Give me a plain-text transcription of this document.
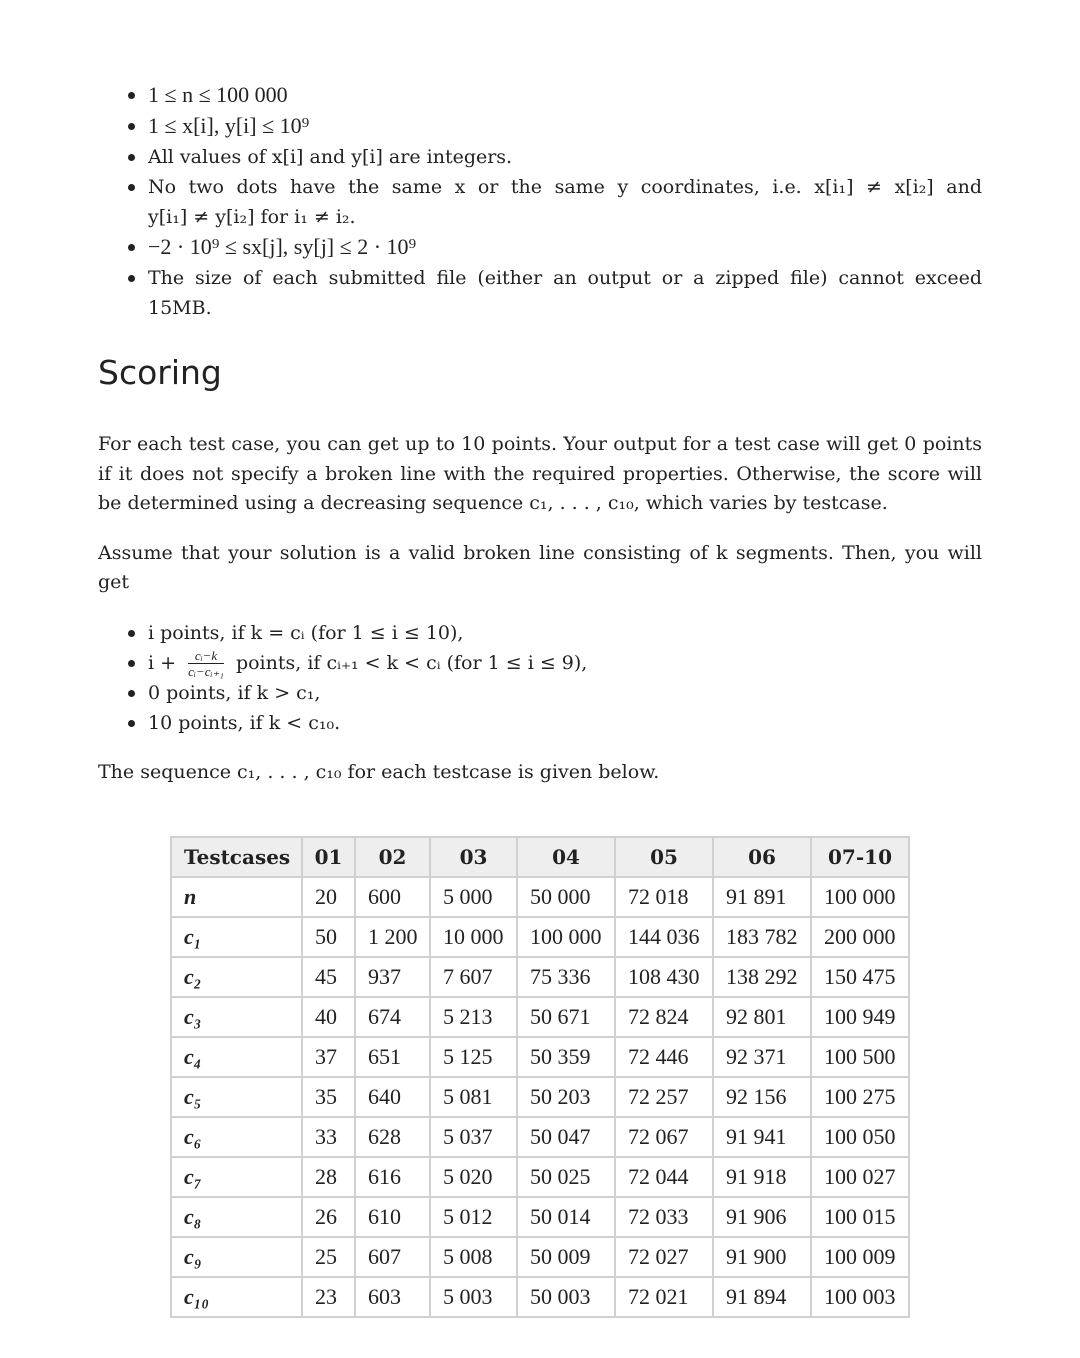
1 ≤ n ≤ 100 000
1 ≤ x[i], y[i] ≤ 10⁹
All values of x[i] and y[i] are integers.
No two dots have the same x or the same y coordinates, i.e. x[i₁] ≠ x[i₂] and
y[i₁] ≠ y[i₂] for i₁ ≠ i₂.
−2 · 10⁹ ≤ sx[j], sy[j] ≤ 2 · 10⁹
The size of each submitted file (either an output or a zipped file) cannot exceed
15MB.
Scoring

For each test case, you can get up to 10 points. Your output for a test case will get 0 points if it does not specify a broken line with the required properties. Otherwise, the score will be determined using a decreasing sequence c₁, . . . , c₁₀, which varies by testcase.

Assume that your solution is a valid broken line consisting of k segments. Then, you will get

i points, if k = cᵢ (for 1 ≤ i ≤ 10),
$i + \frac{\text{cᵢ−k}}{\text{cᵢ−cᵢ₊₁}}$ points, if cᵢ₊₁ < k < cᵢ (for 1 ≤ i ≤ 9),
0 points, if k > c₁,
10 points, if k < c₁₀.

The sequence c₁, . . . , c₁₀ for each testcase is given below.

Testcases	01	02	03	04	05	06	07-10
n	20	600	5 000	50 000	72 018	91 891	100 000
c₁	50	1 200	10 000	100 000	144 036	183 782	200 000
c₂	45	937	7 607	75 336	108 430	138 292	150 475
c₃	40	674	5 213	50 671	72 824	92 801	100 949
c₄	37	651	5 125	50 359	72 446	92 371	100 500
c₅	35	640	5 081	50 203	72 257	92 156	100 275
c₆	33	628	5 037	50 047	72 067	91 941	100 050
c₇	28	616	5 020	50 025	72 044	91 918	100 027
c₈	26	610	5 012	50 014	72 033	91 906	100 015
c₉	25	607	5 008	50 009	72 027	91 900	100 009
c₁₀	23	603	5 003	50 003	72 021	91 894	100 003
